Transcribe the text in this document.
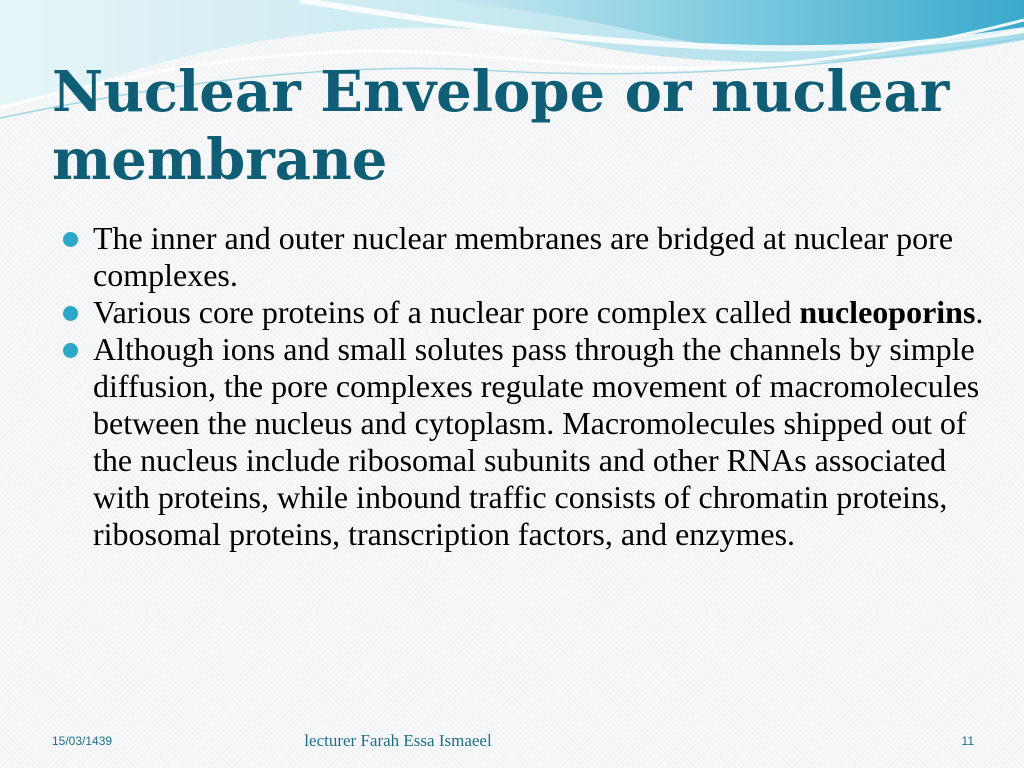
Nuclear Envelope or nuclear membrane
The inner and outer nuclear membranes are bridged at nuclear pore complexes.
Various core proteins of a nuclear pore complex called nucleoporins.
Although ions and small solutes pass through the channels by simple diffusion, the pore complexes regulate movement of macromolecules between the nucleus and cytoplasm. Macromolecules shipped out of the nucleus include ribosomal subunits and other RNAs associated with proteins, while inbound traffic consists of chromatin proteins, ribosomal proteins, transcription factors, and enzymes.
15/03/1439	lecturer Farah Essa Ismaeel	11
